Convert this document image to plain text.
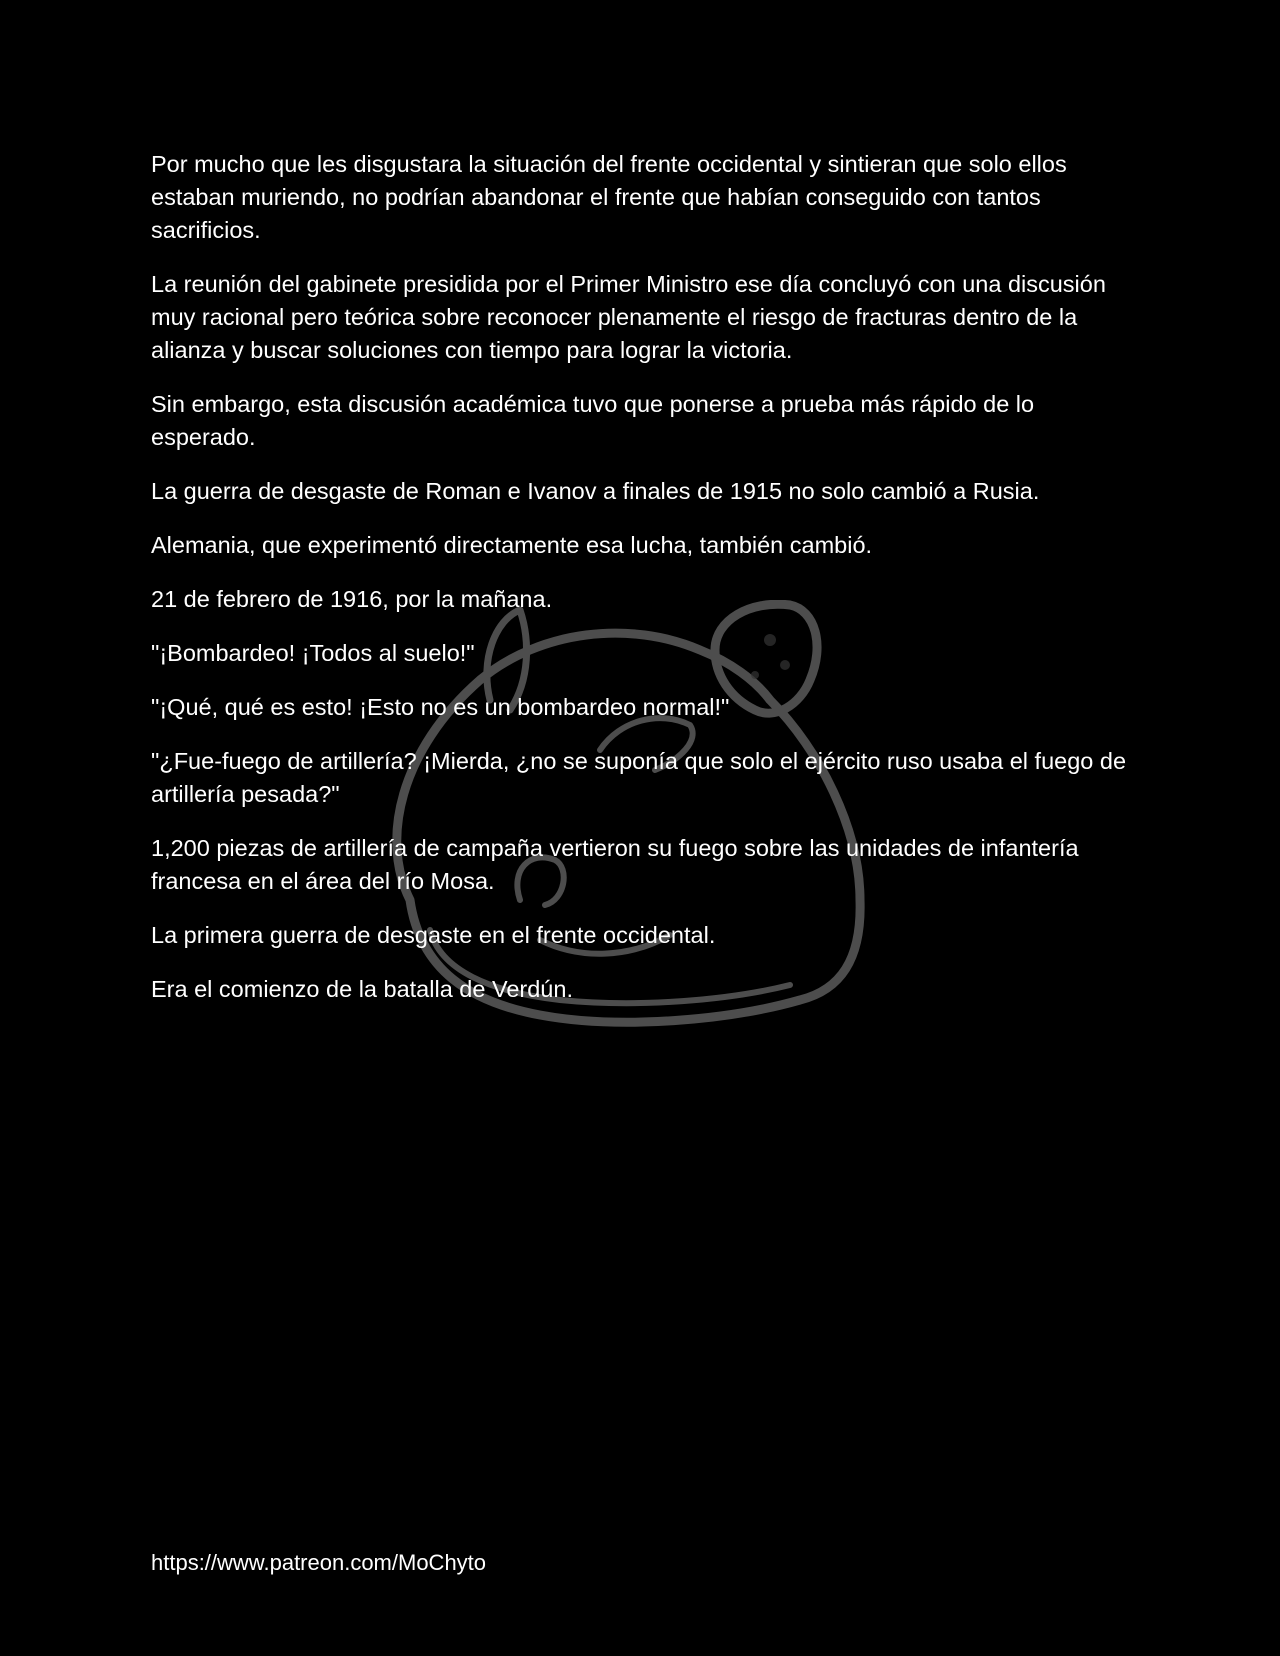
Por mucho que les disgustara la situación del frente occidental y sintieran que solo ellos estaban muriendo, no podrían abandonar el frente que habían conseguido con tantos sacrificios.

La reunión del gabinete presidida por el Primer Ministro ese día concluyó con una discusión muy racional pero teórica sobre reconocer plenamente el riesgo de fracturas dentro de la alianza y buscar soluciones con tiempo para lograr la victoria.

Sin embargo, esta discusión académica tuvo que ponerse a prueba más rápido de lo esperado.

La guerra de desgaste de Roman e Ivanov a finales de 1915 no solo cambió a Rusia.

Alemania, que experimentó directamente esa lucha, también cambió.

21 de febrero de 1916, por la mañana.

"¡Bombardeo! ¡Todos al suelo!"

"¡Qué, qué es esto! ¡Esto no es un bombardeo normal!"

"¿Fue-fuego de artillería? ¡Mierda, ¿no se suponía que solo el ejército ruso usaba el fuego de artillería pesada?"

1,200 piezas de artillería de campaña vertieron su fuego sobre las unidades de infantería francesa en el área del río Mosa.

La primera guerra de desgaste en el frente occidental.

Era el comienzo de la batalla de Verdún.

https://www.patreon.com/MoChyto
